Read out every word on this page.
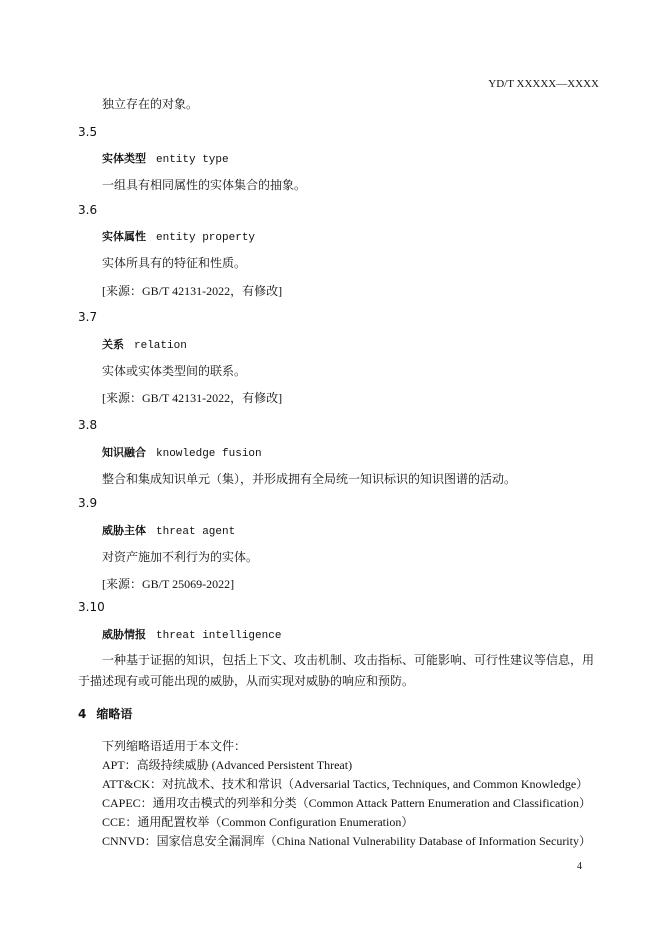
YD/T XXXXX—XXXX
独立存在的对象。
3.5
实体类型 entity type
一组具有相同属性的实体集合的抽象。
3.6
实体属性 entity property
实体所具有的特征和性质。
[来源：GB/T 42131-2022，有修改]
3.7
关系 relation
实体或实体类型间的联系。
[来源：GB/T 42131-2022，有修改]
3.8
知识融合 knowledge fusion
整合和集成知识单元（集），并形成拥有全局统一知识标识的知识图谱的活动。
3.9
威胁主体 threat agent
对资产施加不利行为的实体。
[来源：GB/T 25069-2022]
3.10
威胁情报 threat intelligence
一种基于证据的知识，包括上下文、攻击机制、攻击指标、可能影响、可行性建议等信息，用于描述现有或可能出现的威胁，从而实现对威胁的响应和预防。
4 缩略语
下列缩略语适用于本文件：
APT：高级持续威胁 (Advanced Persistent Threat)
ATT&CK：对抗战术、技术和常识（Adversarial Tactics, Techniques, and Common Knowledge）
CAPEC：通用攻击模式的列举和分类（Common Attack Pattern Enumeration and Classification）
CCE：通用配置枚举（Common Configuration Enumeration）
CNNVD：国家信息安全漏洞库（China National Vulnerability Database of Information Security）
4
